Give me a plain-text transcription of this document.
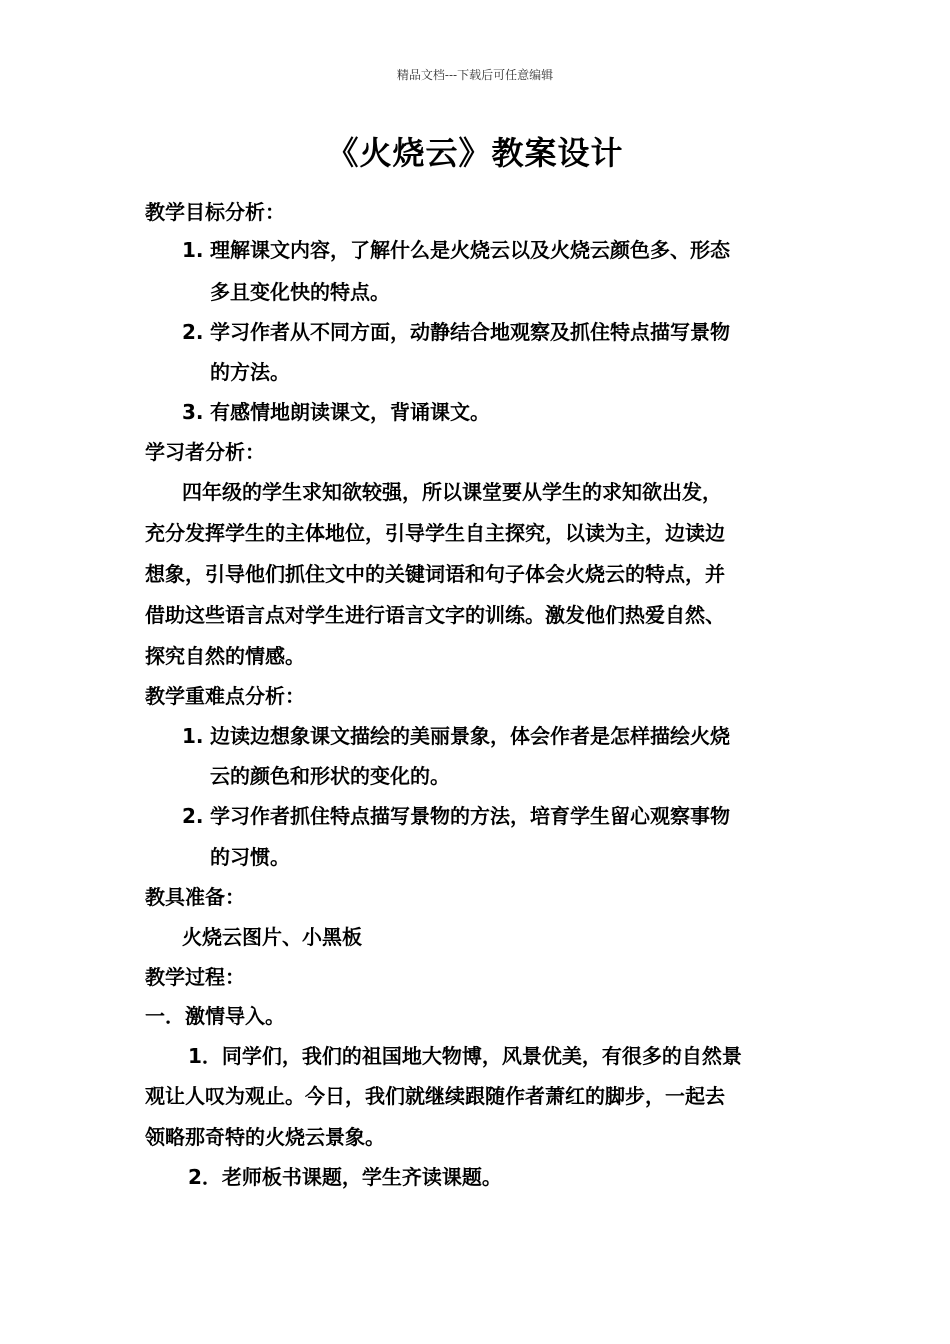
精品文档---下载后可任意编辑
《火烧云》教案设计
教学目标分析：
1. 理解课文内容，了解什么是火烧云以及火烧云颜色多、形态
多且变化快的特点。
2. 学习作者从不同方面，动静结合地观察及抓住特点描写景物
的方法。
3. 有感情地朗读课文，背诵课文。
学习者分析：
四年级的学生求知欲较强，所以课堂要从学生的求知欲出发，
充分发挥学生的主体地位，引导学生自主探究，以读为主，边读边
想象，引导他们抓住文中的关键词语和句子体会火烧云的特点，并
借助这些语言点对学生进行语言文字的训练。激发他们热爱自然、
探究自然的情感。
教学重难点分析：
1. 边读边想象课文描绘的美丽景象，体会作者是怎样描绘火烧
云的颜色和形状的变化的。
2. 学习作者抓住特点描写景物的方法，培育学生留心观察事物
的习惯。
教具准备：
火烧云图片、小黑板
教学过程：
一．激情导入。
1．同学们，我们的祖国地大物博，风景优美，有很多的自然景
观让人叹为观止。今日，我们就继续跟随作者萧红的脚步，一起去
领略那奇特的火烧云景象。
2．老师板书课题，学生齐读课题。
